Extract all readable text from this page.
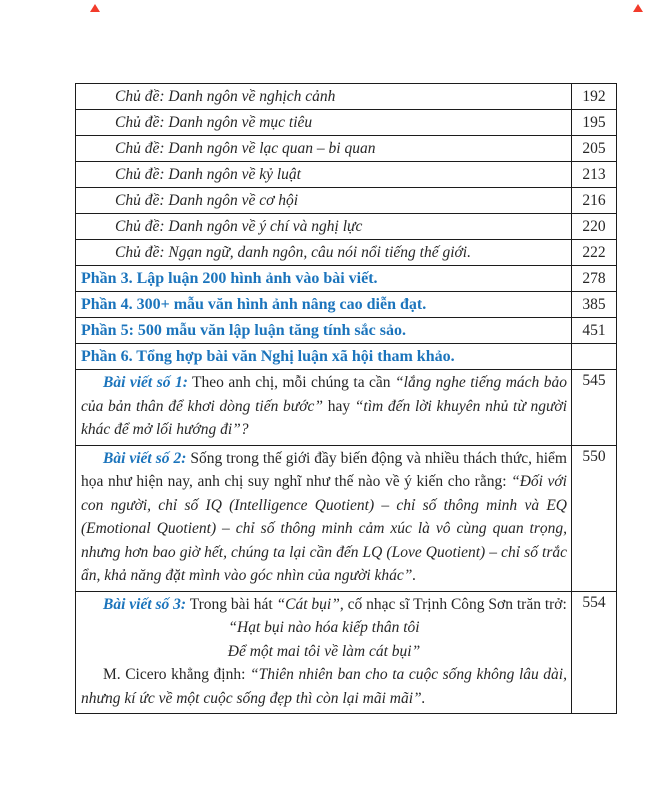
Chủ đề: Danh ngôn về nghịch cảnh	192
Chủ đề: Danh ngôn về mục tiêu	195
Chủ đề: Danh ngôn về lạc quan – bi quan	205
Chủ đề: Danh ngôn về kỷ luật	213
Chủ đề: Danh ngôn về cơ hội	216
Chủ đề: Danh ngôn về ý chí và nghị lực	220
Chủ đề: Ngạn ngữ, danh ngôn, câu nói nổi tiếng thế giới.	222
Phần 3. Lập luận 200 hình ảnh vào bài viết.	278
Phần 4. 300+ mẫu văn hình ảnh nâng cao diễn đạt.	385
Phần 5: 500 mẫu văn lập luận tăng tính sắc sảo.	451
Phần 6. Tổng hợp bài văn Nghị luận xã hội tham khảo.	

Bài viết số 1: Theo anh chị, mỗi chúng ta cần “lắng nghe tiếng mách bảo của bản thân để khơi dòng tiến bước” hay “tìm đến lời khuyên nhủ từ người khác để mở lối hướng đi”?	545

Bài viết số 2: Sống trong thế giới đầy biến động và nhiều thách thức, hiểm họa như hiện nay, anh chị suy nghĩ như thế nào về ý kiến cho rằng: “Đối với con người, chỉ số IQ (Intelligence Quotient) – chỉ số thông minh và EQ (Emotional Quotient) – chỉ số thông minh cảm xúc là vô cùng quan trọng, nhưng hơn bao giờ hết, chúng ta lại cần đến LQ (Love Quotient) – chỉ số trắc ẩn, khả năng đặt mình vào góc nhìn của người khác”.	550

Bài viết số 3: Trong bài hát “Cát bụi”, cố nhạc sĩ Trịnh Công Sơn trăn trở:
“Hạt bụi nào hóa kiếp thân tôi
Để một mai tôi về làm cát bụi”
M. Cicero khẳng định: “Thiên nhiên ban cho ta cuộc sống không lâu dài, nhưng kí ức về một cuộc sống đẹp thì còn lại mãi mãi”.	554
